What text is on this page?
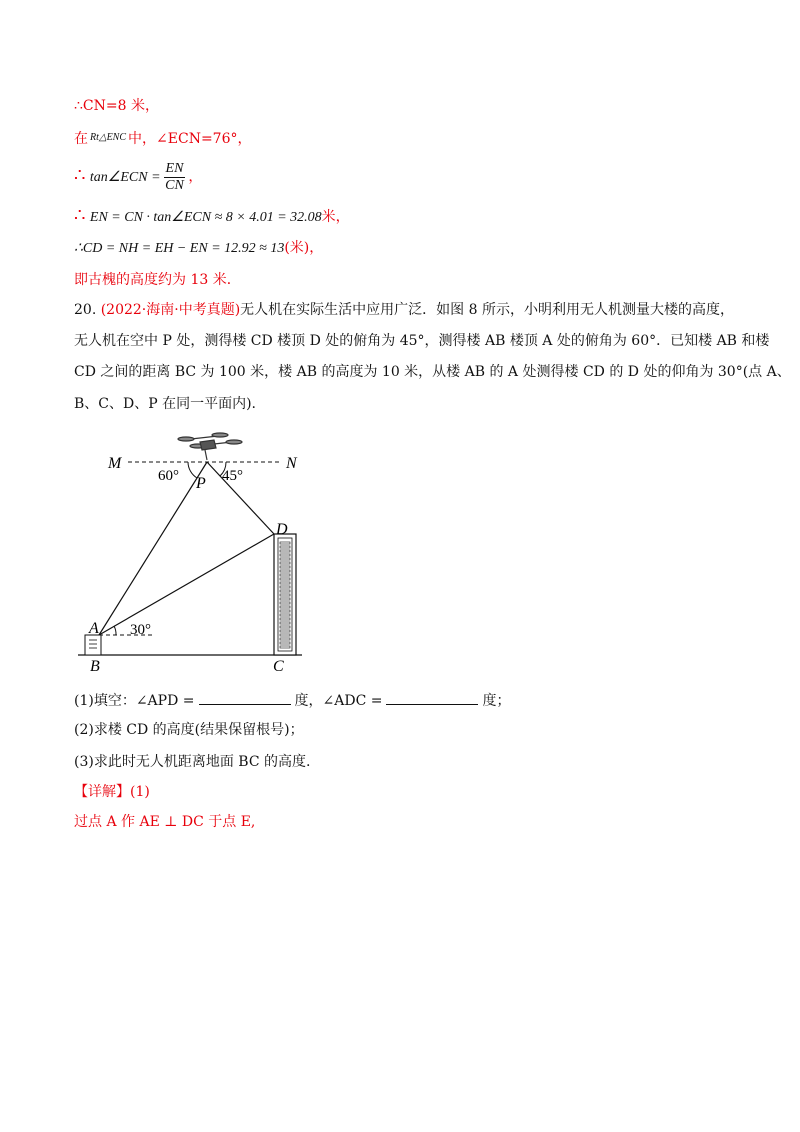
∴CN=8 米，
在 $^{Rt\triangle ENC}$ 中，∠ECN=76°，
∴ tan∠ECN = $\frac{EN}{CN}$ ，
∴ EN = CN · tan∠ECN ≈ 8 × 4.01 = 32.08米，
∴CD = NH = EH − EN = 12.92 ≈ 13(米)，
即古槐的高度约为 13 米．
20. (2022·海南·中考真题)无人机在实际生活中应用广泛．如图 8 所示，小明利用无人机测量大楼的高度，
无人机在空中 P 处，测得楼 CD 楼顶 D 处的俯角为 45°，测得楼 AB 楼顶 A 处的俯角为 60°．已知楼 AB 和楼
CD 之间的距离 BC 为 100 米，楼 AB 的高度为 10 米，从楼 AB 的 A 处测得楼 CD 的 D 处的仰角为 30°(点 A、
B、C、D、P 在同一平面内).
M	N
P
60°	45°
D
A 30°
B	C
(1)填空：∠APD =	度，∠ADC =	度；
(2)求楼 CD 的高度(结果保留根号)；
(3)求此时无人机距离地面 BC 的高度.
【详解】(1)
过点 A 作 AE ⊥ DC 于点 E,
